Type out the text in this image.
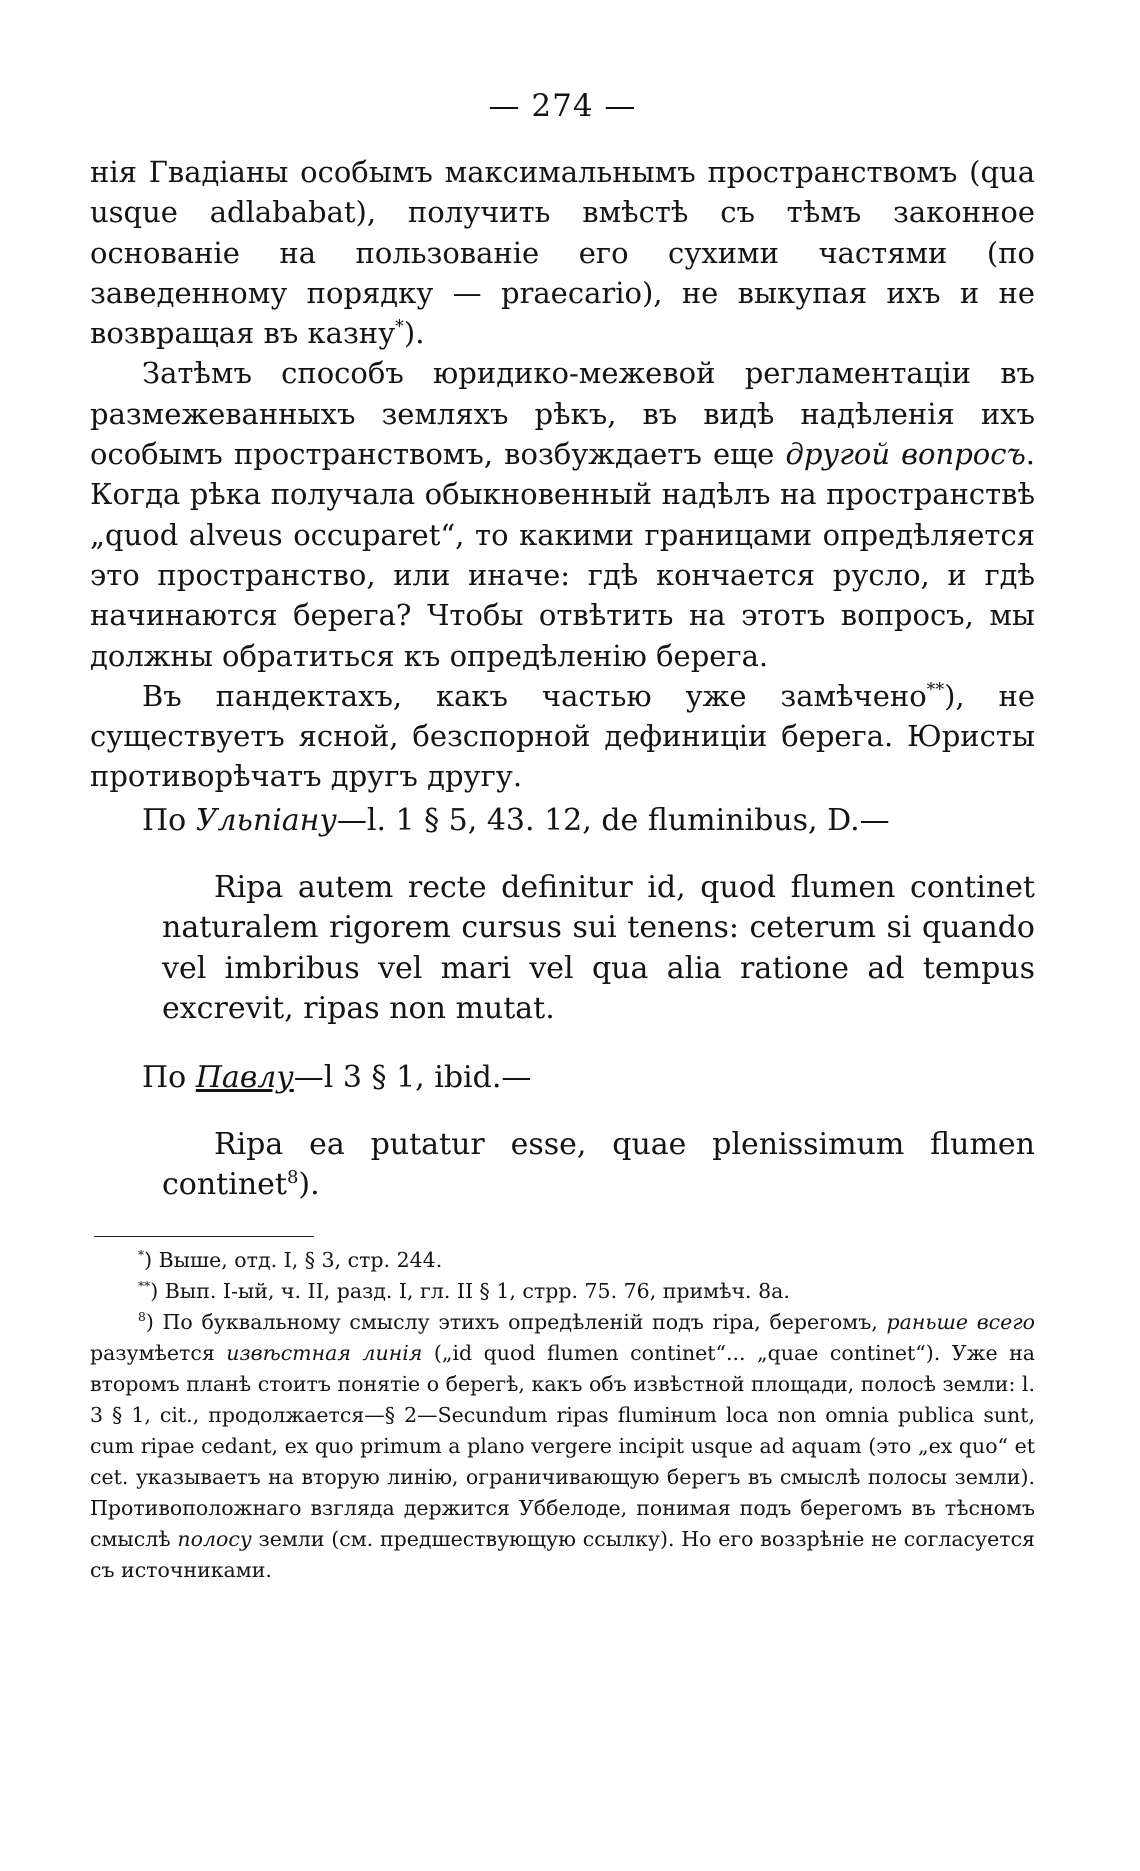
— 274 —

нія Гвадіаны особымъ максимальнымъ пространствомъ (qua usque adlababat), получить вмѣстѣ съ тѣмъ законное основаніе на пользованіе его сухими частями (по заведенному порядку — praecario), не выкупая ихъ и не возвращая въ казну*).

Затѣмъ способъ юридико-межевой регламентаціи въ размежеванныхъ земляхъ рѣкъ, въ видѣ надѣленія ихъ особымъ пространствомъ, возбуждаетъ еще другой вопросъ. Когда рѣка получала обыкновенный надѣлъ на пространствѣ „quod alveus occuparet“, то какими границами опредѣляется это пространство, или иначе: гдѣ кончается русло, и гдѣ начинаются берега? Чтобы отвѣтить на этотъ вопросъ, мы должны обратиться къ опредѣленію берега.

Въ пандектахъ, какъ частью уже замѣчено**), не существуетъ ясной, безспорной дефиниціи берега. Юристы противорѣчатъ другъ другу.

По Ульпіану—l. 1 § 5, 43. 12, de fluminibus, D.—

Ripa autem recte definitur id, quod flumen continet naturalem rigorem cursus sui tenens: ceterum si quando vel imbribus vel mari vel qua alia ratione ad tempus excrevit, ripas non mutat.

По Павлу—l 3 § 1, ibid.—

Ripa ea putatur esse, quae plenissimum flumen continet$^8$).

*) Выше, отд. I, § 3, стр. 244.

**) Вып. I-ый, ч. II, разд. I, гл. II § 1, стрр. 75. 76, примѣч. 8а.

$^8$) По буквальному смыслу этихъ опредѣленій подъ ripa, берегомъ, раньше всего разумѣется извѣстная линія („id quod flumen continet“... „quae continet“). Уже на второмъ планѣ стоитъ понятіе о берегѣ, какъ объ извѣстной площади, полосѣ земли: l. 3 § 1, cit., продолжается—§ 2—Secundum ripas flumінum loca non omnia publica sunt, cum ripae cedant, ex quo primum a plano vergere incipit usque ad aquam (это „ex quo“ et cet. указываетъ на вторую линію, ограничивающую берегъ въ смыслѣ полосы земли). Противоположнаго взгляда держится Уббелоде, понимая подъ берегомъ въ тѣсномъ смыслѣ полосу земли (см. предшествующую ссылку). Но его воззрѣніе не согласуется съ источниками.
